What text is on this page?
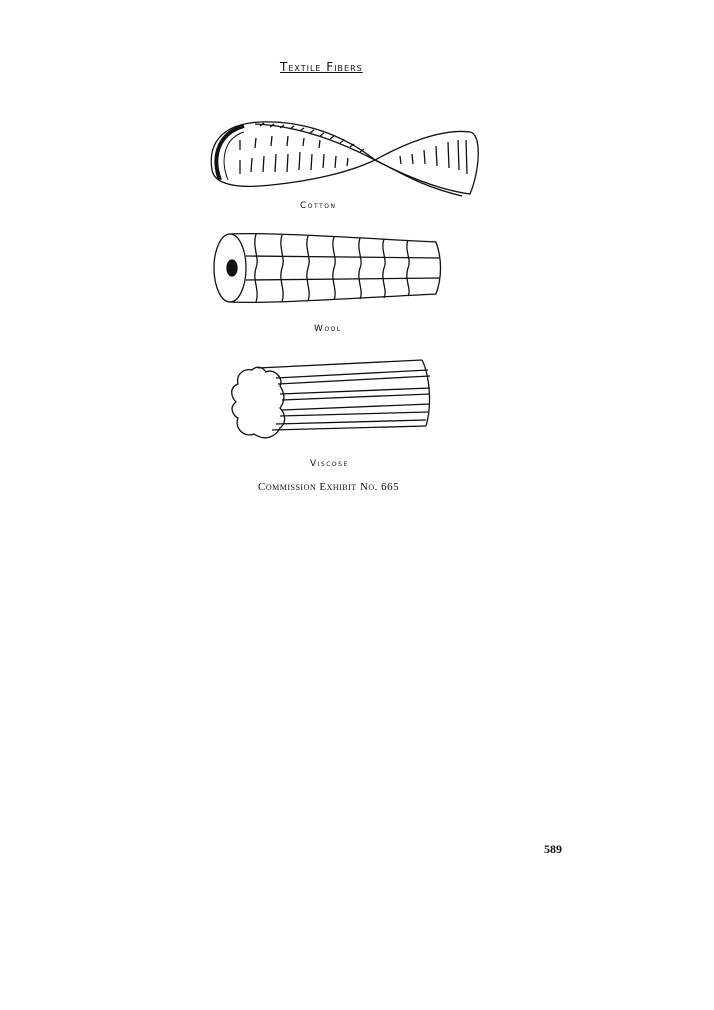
Textile Fibers
Cotton
Wool
Viscose
Commission Exhibit No. 665
589
